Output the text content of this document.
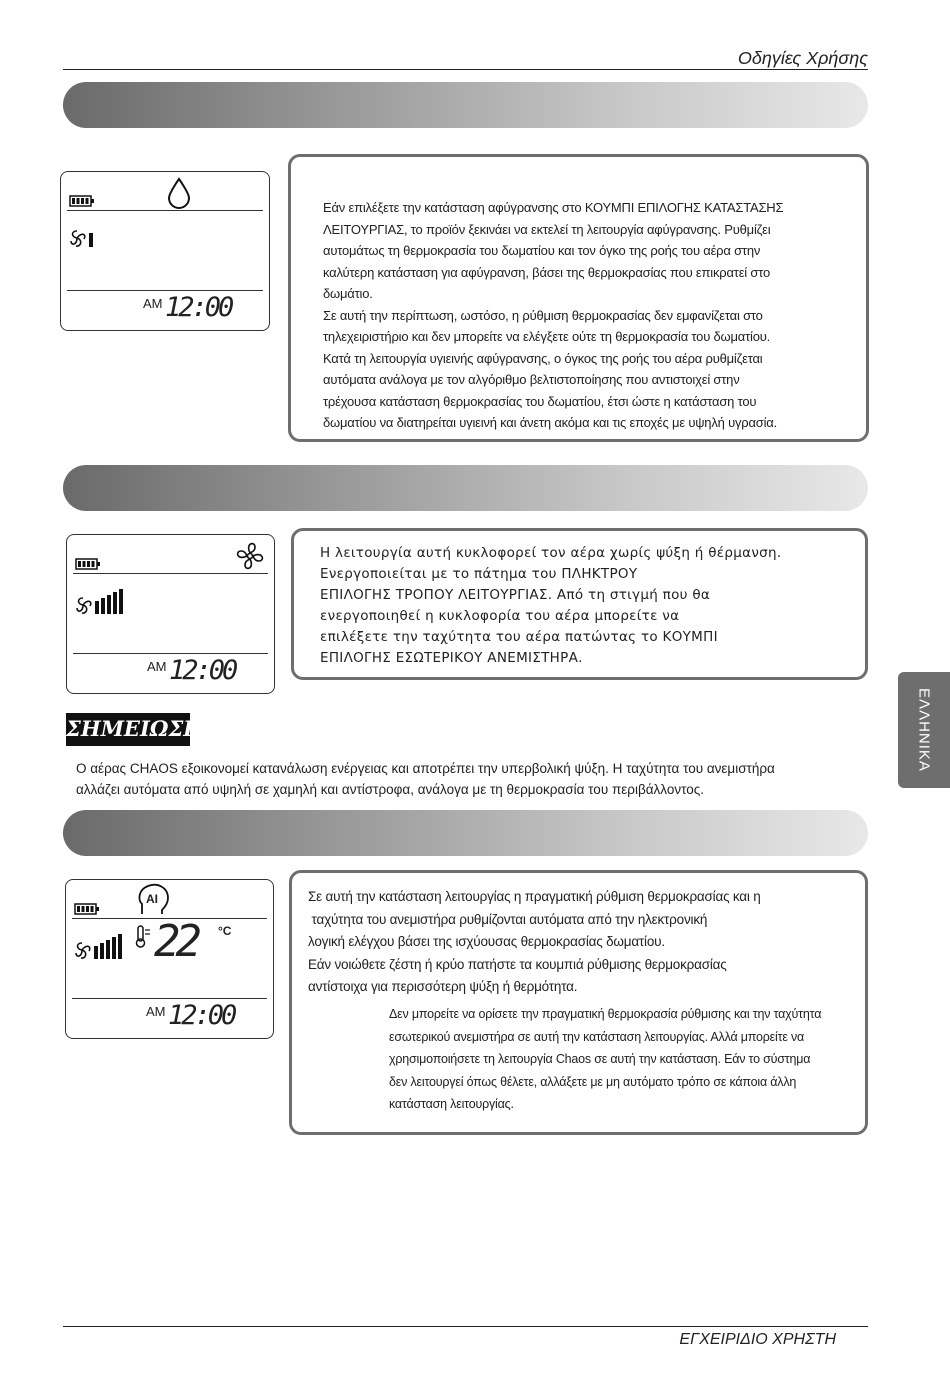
Οδηγίες Χρήσης
AM 12:00
Εάν επιλέξετε την κατάσταση αφύγρανσης στο ΚΟΥΜΠΙ ΕΠΙΛΟΓΗΣ ΚΑΤΑΣΤΑΣΗΣ
ΛΕΙΤΟΥΡΓΙΑΣ, το προϊόν ξεκινάει να εκτελεί τη λειτουργία αφύγρανσης. Ρυθμίζει
αυτομάτως τη θερμοκρασία του δωματίου και τον όγκο της ροής του αέρα στην
καλύτερη κατάσταση για αφύγρανση, βάσει της θερμοκρασίας που επικρατεί στο
δωμάτιο.
Σε αυτή την περίπτωση, ωστόσο, η ρύθμιση θερμοκρασίας δεν εμφανίζεται στο
τηλεχειριστήριο και δεν μπορείτε να ελέγξετε ούτε τη θερμοκρασία του δωματίου.
Κατά τη λειτουργία υγιεινής αφύγρανσης, ο όγκος της ροής του αέρα ρυθμίζεται
αυτόματα ανάλογα με τον αλγόριθμο βελτιστοποίησης που αντιστοιχεί στην
τρέχουσα κατάσταση θερμοκρασίας του δωματίου, έτσι ώστε η κατάσταση του
δωματίου να διατηρείται υγιεινή και άνετη ακόμα και τις εποχές με υψηλή υγρασία.
AM 12:00
Η λειτουργία αυτή κυκλοφορεί τον αέρα χωρίς ψύξη ή θέρμανση.
Ενεργοποιείται με το πάτημα του ΠΛΗΚΤΡΟΥ
ΕΠΙΛΟΓΗΣ ΤΡΟΠΟΥ ΛΕΙΤΟΥΡΓΙΑΣ. Από τη στιγμή που θα
ενεργοποιηθεί η κυκλοφορία του αέρα μπορείτε να
επιλέξετε την ταχύτητα του αέρα πατώντας το ΚΟΥΜΠΙ
ΕΠΙΛΟΓΗΣ ΕΣΩΤΕΡΙΚΟΥ ΑΝΕΜΙΣΤΗΡΑ.
ΣΗΜΕΙΩΣΗ
Ο αέρας CHAOS εξοικονομεί κατανάλωση ενέργειας και αποτρέπει την υπερβολική ψύξη. Η ταχύτητα του ανεμιστήρα
αλλάζει αυτόματα από υψηλή σε χαμηλή και αντίστροφα, ανάλογα με τη θερμοκρασία του περιβάλλοντος.
ΕΛΛΗΝΙΚΑ
AI
22 °C
AM 12:00
Σε αυτή την κατάσταση λειτουργίας η πραγματική ρύθμιση θερμοκρασίας και η
ταχύτητα του ανεμιστήρα ρυθμίζονται αυτόματα από την ηλεκτρονική
λογική ελέγχου βάσει της ισχύουσας θερμοκρασίας δωματίου.
Εάν νοιώθετε ζέστη ή κρύο πατήστε τα κουμπιά ρύθμισης θερμοκρασίας
αντίστοιχα για περισσότερη ψύξη ή θερμότητα.
Δεν μπορείτε να ορίσετε την πραγματική θερμοκρασία ρύθμισης και την ταχύτητα
εσωτερικού ανεμιστήρα σε αυτή την κατάσταση λειτουργίας. Αλλά μπορείτε να
χρησιμοποιήσετε τη λειτουργία Chaos σε αυτή την κατάσταση. Εάν το σύστημα
δεν λειτουργεί όπως θέλετε, αλλάξετε με μη αυτόματο τρόπο σε κάποια άλλη
κατάσταση λειτουργίας.
ΕΓΧΕΙΡΙΔΙΟ ΧΡΗΣΤΗ
